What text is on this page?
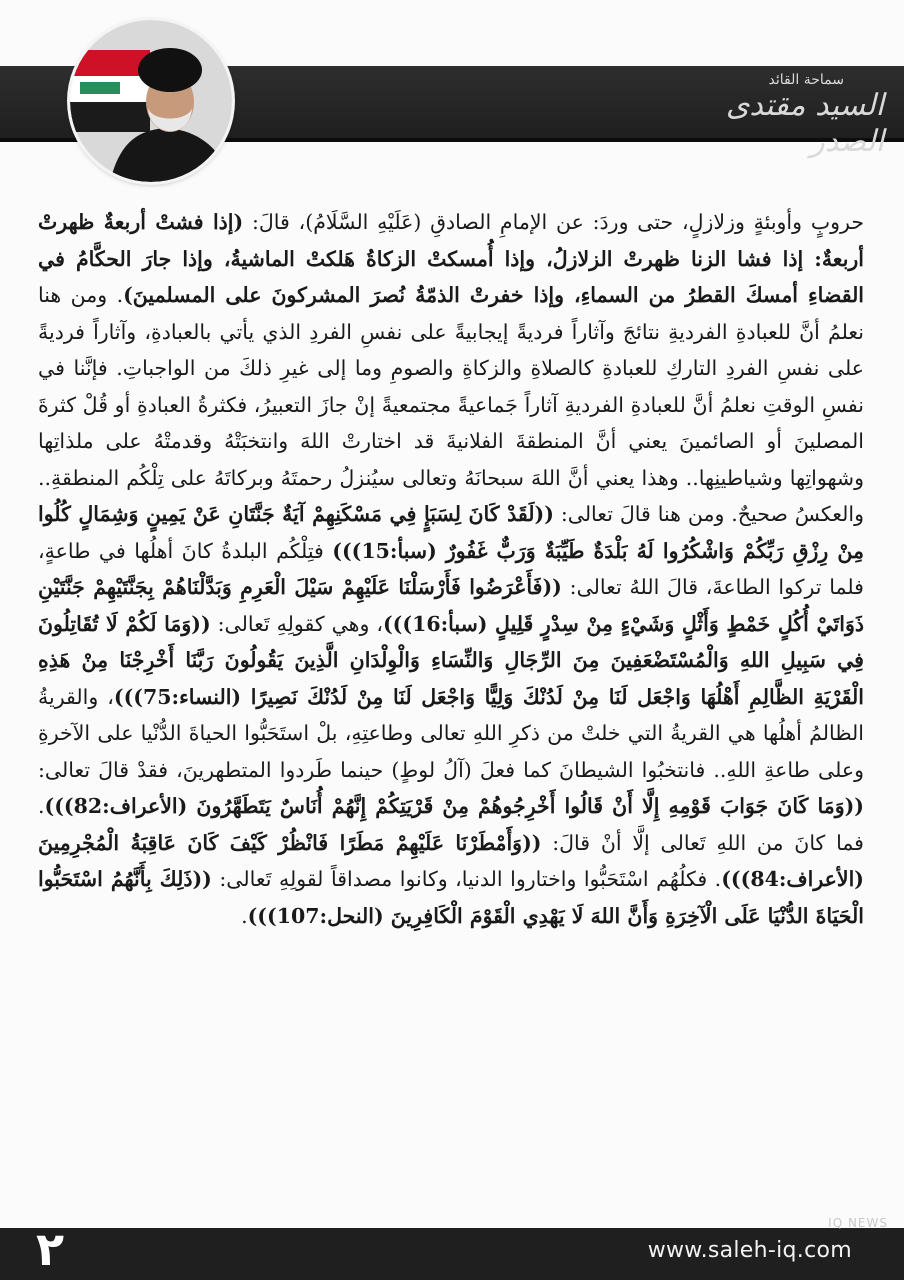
سماحة القائد
السيد مقتدى الصدر

حروبٍ وأوبئةٍ وزلازلٍ، حتى وردَ: عن الإمامِ الصادقِ (عَلَيْهِ السَّلَامُ)، قالَ: (إذا فشتْ أربعةٌ ظهرتْ أربعةٌ: إذا فشا الزنا ظهرتْ الزلازلُ، وإذا أُمسكتْ الزكاةُ هَلكتْ الماشيةُ، وإذا جارَ الحكَّامُ في القضاءِ أمسكَ القطرُ من السماءِ، وإذا خفرتْ الذمّةُ نُصرَ المشركونَ على المسلمينَ). ومن هنا نعلمُ أنَّ للعبادةِ الفرديةِ نتائجَ وآثاراً فرديةً إيجابيةً على نفسِ الفردِ الذي يأتي بالعبادةِ، وآثاراً فرديةً على نفسِ الفردِ التاركِ للعبادةِ كالصلاةِ والزكاةِ والصومِ وما إلى غيرِ ذلكَ من الواجباتِ. فإنَّنا في نفسِ الوقتِ نعلمُ أنَّ للعبادةِ الفرديةِ آثاراً جَماعيةً مجتمعيةً إنْ جازَ التعبيرُ، فكثرةُ العبادةِ أو قُلْ كثرةَ المصلينَ أو الصائمينَ يعني أنَّ المنطقةَ الفلانيةَ قد اختارتْ اللهَ وانتخبَتْهُ وقدمتْهُ على ملذاتِها وشهواتِها وشياطينِها.. وهذا يعني أنَّ اللهَ سبحانَهُ وتعالى سيُنزلُ رحمتَهُ وبركاتَهُ على تِلْكُم المنطقةِ.. والعكسُ صحيحٌ. ومن هنا قالَ تعالى: ((لَقَدْ كَانَ لِسَبَإٍ فِي مَسْكَنِهِمْ آيَةٌ جَنَّتَانِ عَنْ يَمِينٍ وَشِمَالٍ كُلُوا مِنْ رِزْقِ رَبِّكُمْ وَاشْكُرُوا لَهُ بَلْدَةٌ طَيِّبَةٌ وَرَبٌّ غَفُورٌ (سبأ:15))) فتِلْكُم البلدةُ كانَ أهلُها في طاعةٍ، فلما تركوا الطاعةَ، قالَ اللهُ تعالى: ((فَأَعْرَضُوا فَأَرْسَلْنَا عَلَيْهِمْ سَيْلَ الْعَرِمِ وَبَدَّلْنَاهُمْ بِجَنَّتَيْهِمْ جَنَّتَيْنِ ذَوَاتَيْ أُكُلٍ خَمْطٍ وَأَثْلٍ وَشَيْءٍ مِنْ سِدْرٍ قَلِيلٍ (سبأ:16)))، وهي كقولِهِ تَعالى: ((وَمَا لَكُمْ لَا تُقَاتِلُونَ فِي سَبِيلِ اللهِ وَالْمُسْتَضْعَفِينَ مِنَ الرِّجَالِ وَالنِّسَاءِ وَالْوِلْدَانِ الَّذِينَ يَقُولُونَ رَبَّنَا أَخْرِجْنَا مِنْ هَذِهِ الْقَرْيَةِ الظَّالِمِ أَهْلُهَا وَاجْعَل لَنَا مِنْ لَدُنْكَ وَلِيًّا وَاجْعَل لَنَا مِنْ لَدُنْكَ نَصِيرًا (النساء:75)))، والقريةُ الظالمُ أهلُها هي القريةُ التي خلتْ من ذكرِ اللهِ تعالى وطاعتِهِ، بلْ استَحَبُّوا الحياةَ الدُّنْيا على الآخرةِ وعلى طاعةِ اللهِ.. فانتخبُوا الشيطانَ كما فعلَ (آلُ لوطٍ) حينما طَردوا المتطهرينَ، فقدْ قالَ تعالى: ((وَمَا كَانَ جَوَابَ قَوْمِهِ إِلَّا أَنْ قَالُوا أَخْرِجُوهُمْ مِنْ قَرْيَتِكُمْ إِنَّهُمْ أُنَاسٌ يَتَطَهَّرُونَ (الأعراف:82))). فما كانَ من اللهِ تَعالى إلَّا أنْ قالَ: ((وَأَمْطَرْنَا عَلَيْهِمْ مَطَرًا فَانْظُرْ كَيْفَ كَانَ عَاقِبَةُ الْمُجْرِمِينَ (الأعراف:84))). فكلُهُم اسْتَحَبُّوا واختاروا الدنيا، وكانوا مصداقاً لقولِهِ تَعالى: ((ذَلِكَ بِأَنَّهُمُ اسْتَحَبُّوا الْحَيَاةَ الدُّنْيَا عَلَى الْآخِرَةِ وَأَنَّ اللهَ لَا يَهْدِي الْقَوْمَ الْكَافِرِينَ (النحل:107))).

٢	IQ NEWS
www.saleh-iq.com
